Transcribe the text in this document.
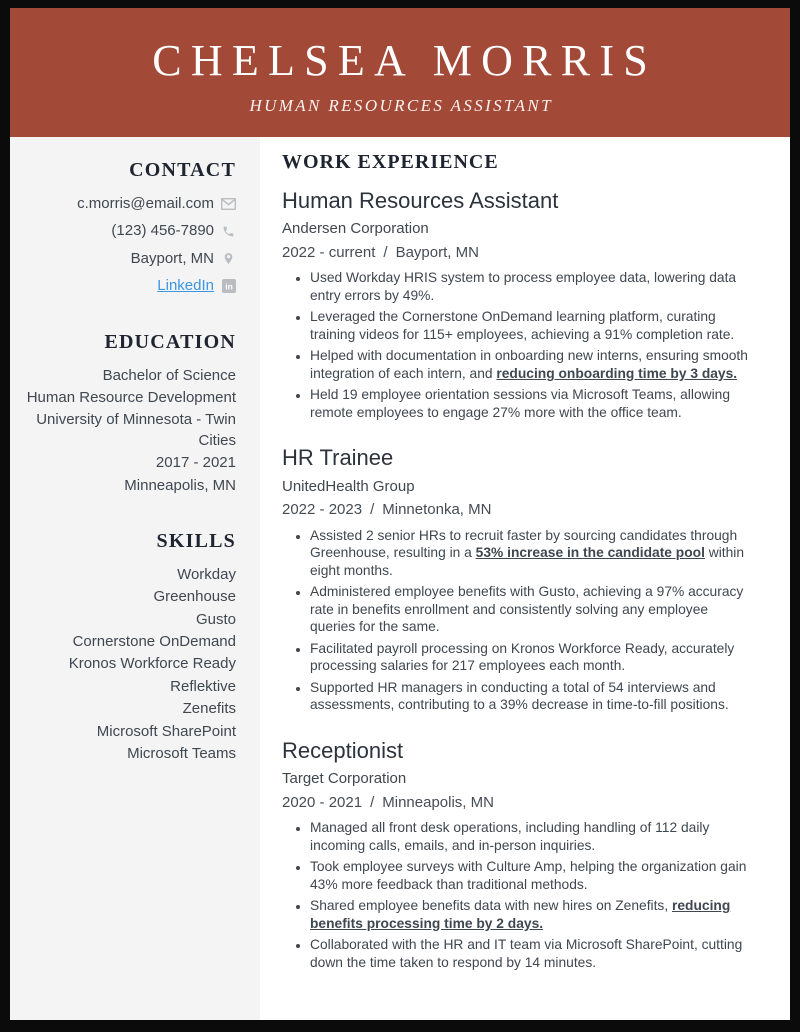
CHELSEA MORRIS
HUMAN RESOURCES ASSISTANT
CONTACT
c.morris@email.com
(123) 456-7890
Bayport, MN
LinkedIn in
EDUCATION
Bachelor of Science
Human Resource Development
University of Minnesota - Twin Cities
2017 - 2021
Minneapolis, MN
SKILLS
Workday
Greenhouse
Gusto
Cornerstone OnDemand
Kronos Workforce Ready
Reflektive
Zenefits
Microsoft SharePoint
Microsoft Teams
WORK EXPERIENCE
Human Resources Assistant
Andersen Corporation
2022 - current / Bayport, MN
• Used Workday HRIS system to process employee data, lowering data entry errors by 49%.
• Leveraged the Cornerstone OnDemand learning platform, curating training videos for 115+ employees, achieving a 91% completion rate.
• Helped with documentation in onboarding new interns, ensuring smooth integration of each intern, and reducing onboarding time by 3 days.
• Held 19 employee orientation sessions via Microsoft Teams, allowing remote employees to engage 27% more with the office team.
HR Trainee
UnitedHealth Group
2022 - 2023 / Minnetonka, MN
• Assisted 2 senior HRs to recruit faster by sourcing candidates through Greenhouse, resulting in a 53% increase in the candidate pool within eight months.
• Administered employee benefits with Gusto, achieving a 97% accuracy rate in benefits enrollment and consistently solving any employee queries for the same.
• Facilitated payroll processing on Kronos Workforce Ready, accurately processing salaries for 217 employees each month.
• Supported HR managers in conducting a total of 54 interviews and assessments, contributing to a 39% decrease in time-to-fill positions.
Receptionist
Target Corporation
2020 - 2021 / Minneapolis, MN
• Managed all front desk operations, including handling of 112 daily incoming calls, emails, and in-person inquiries.
• Took employee surveys with Culture Amp, helping the organization gain 43% more feedback than traditional methods.
• Shared employee benefits data with new hires on Zenefits, reducing benefits processing time by 2 days.
• Collaborated with the HR and IT team via Microsoft SharePoint, cutting down the time taken to respond by 14 minutes.
